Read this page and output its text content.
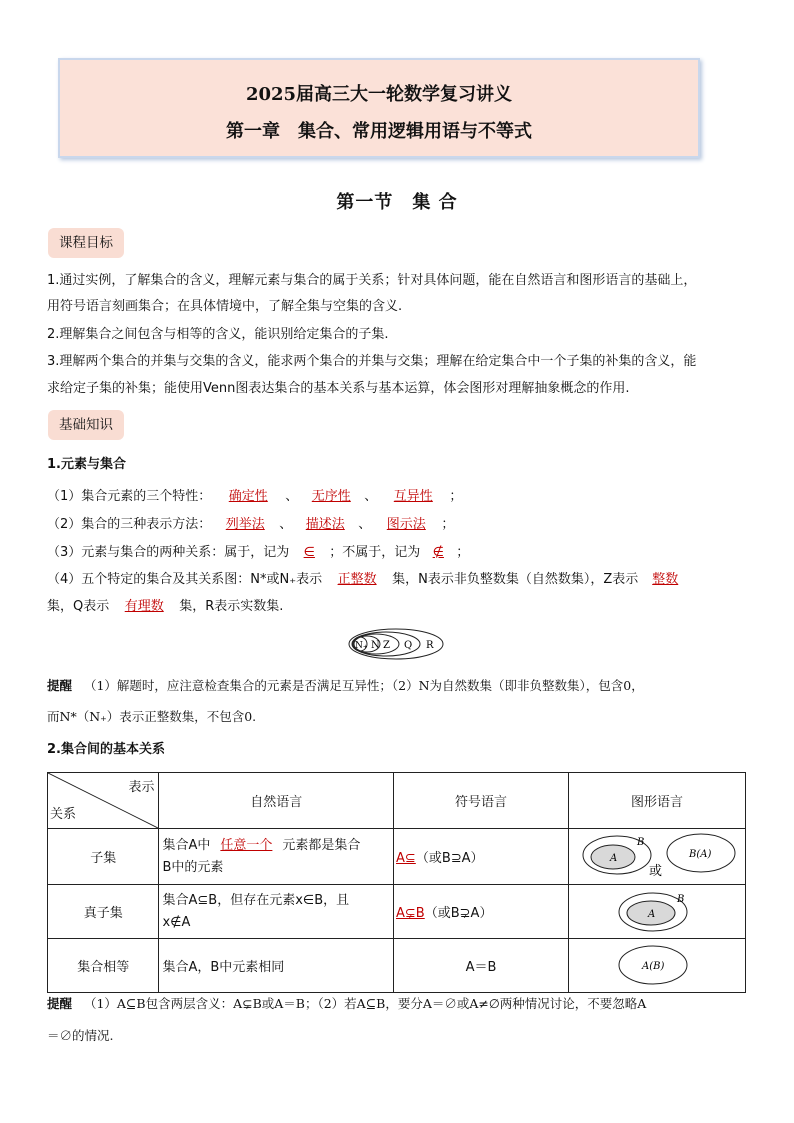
2025届高三大一轮数学复习讲义
第一章　集合、常用逻辑用语与不等式
第一节　集 合
课程目标
1.通过实例，了解集合的含义，理解元素与集合的属于关系；针对具体问题，能在自然语言和图形语言的基础上，
用符号语言刻画集合；在具体情境中，了解全集与空集的含义.
2.理解集合之间包含与相等的含义，能识别给定集合的子集.
3.理解两个集合的并集与交集的含义，能求两个集合的并集与交集；理解在给定集合中一个子集的补集的含义，能
求给定子集的补集；能使用Venn图表达集合的基本关系与基本运算，体会图形对理解抽象概念的作用.
基础知识
1.元素与集合
（1）集合元素的三个特性： 确定性 、 无序性 、 互异性 ；
（2）集合的三种表示方法： 列举法 、 描述法 、 图示法 ；
（3）元素与集合的两种关系：属于，记为 ∈ ；不属于，记为 ∉ ；
（4）五个特定的集合及其关系图：N*或N₊表示 正整数 集，N表示非负整数集（自然数集），Z表示 整数
集，Q表示 有理数 集，R表示实数集.
N₊ N Z Q R
提醒 （1）解题时，应注意检查集合的元素是否满足互异性；（2）N为自然数集（即非负整数集），包含0，
而N*（N₊）表示正整数集，不包含0.
2.集合间的基本关系
表示
关系	自然语言	符号语言	图形语言
子集	集合A中 任意一个 元素都是集合
B中的元素	A⊆（或B⊇A）	A
B
或
B(A)

真子集	集合A⊆B，但存在元素x∈B，且
x∉A	A⊊B（或B⊋A）	A
B

集合相等	集合A，B中元素相同	A＝B	A(B)
提醒 （1）A⊆B包含两层含义：A⊊B或A＝B；（2）若A⊆B，要分A＝∅或A≠∅两种情况讨论，不要忽略A
＝∅的情况.
